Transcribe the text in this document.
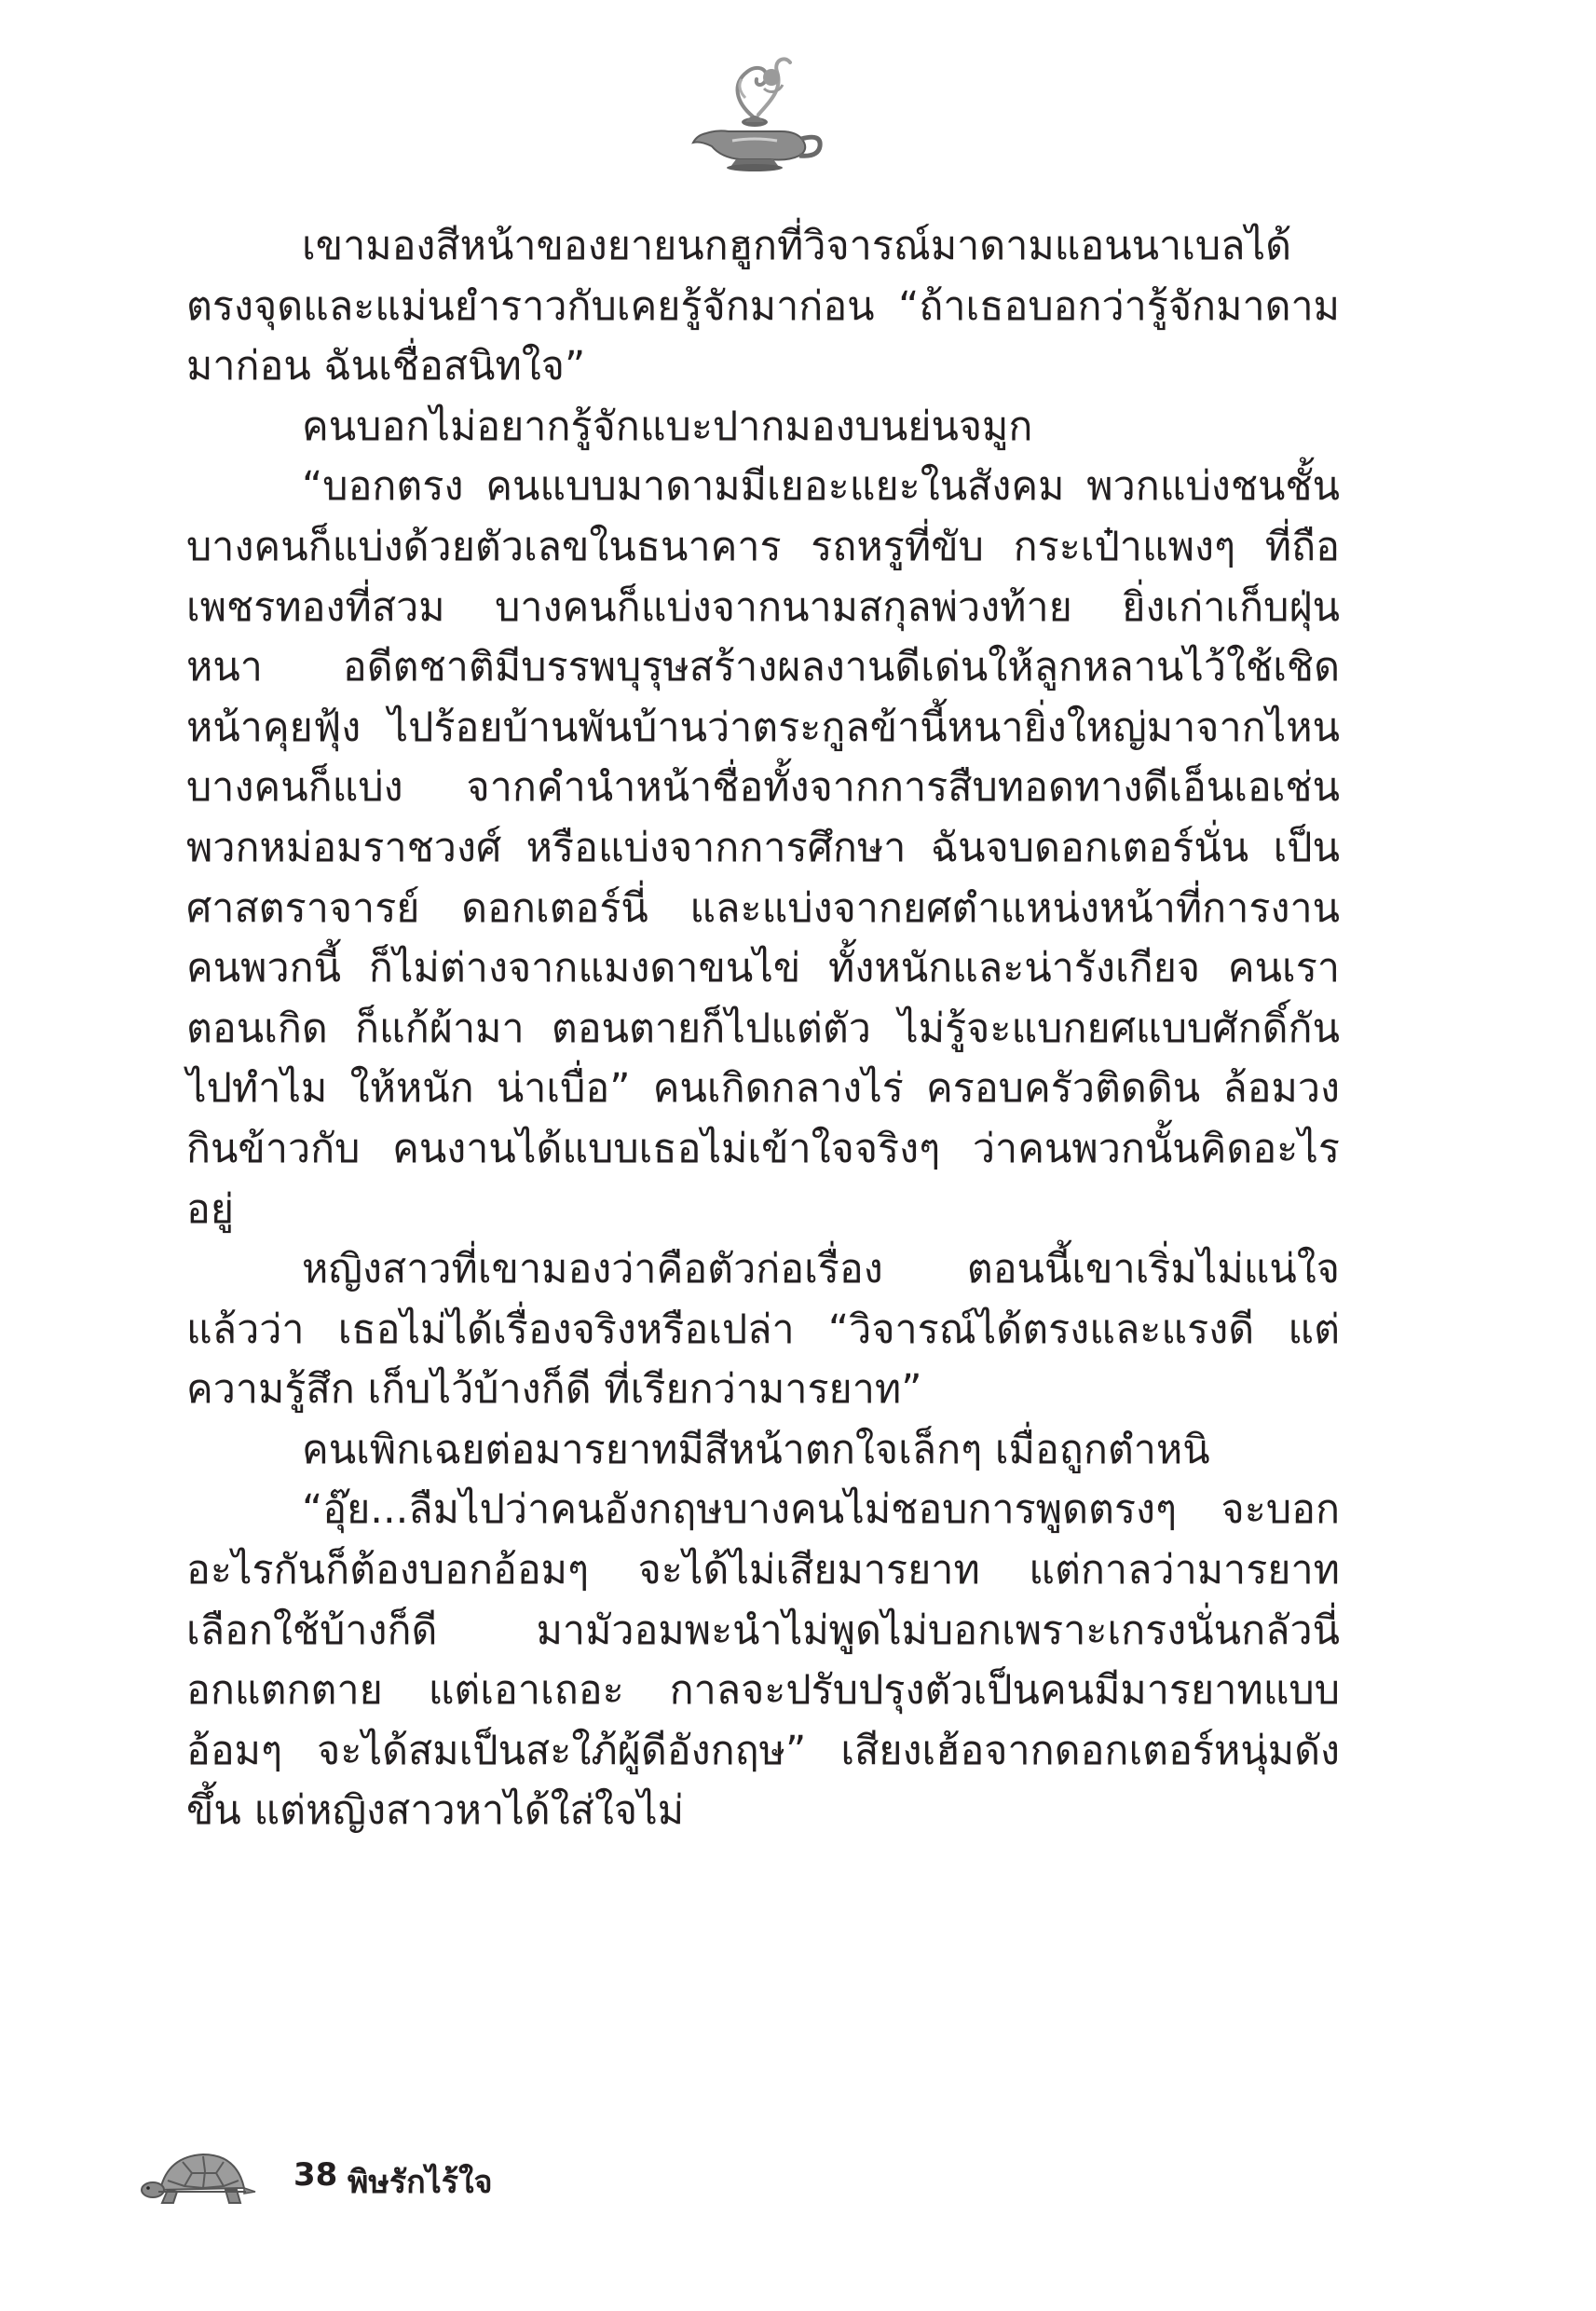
เขามองสีหน้าของยายนกฮูกที่วิจารณ์มาดามแอนนาเบลได้ตรงจุดและแม่นยำราวกับเคยรู้จักมาก่อน “ถ้าเธอบอกว่ารู้จักมาดามมาก่อน ฉันเชื่อสนิทใจ”

คนบอกไม่อยากรู้จักแบะปากมองบนย่นจมูก

“บอกตรง คนแบบมาดามมีเยอะแยะในสังคม พวกแบ่งชนชั้น บางคนก็แบ่งด้วยตัวเลขในธนาคาร รถหรูที่ขับ กระเป๋าแพงๆ ที่ถือ เพชรทองที่สวม บางคนก็แบ่งจากนามสกุลพ่วงท้าย ยิ่งเก่าเก็บฝุ่นหนา อดีตชาติมีบรรพบุรุษสร้างผลงานดีเด่นให้ลูกหลานไว้ใช้เชิดหน้าคุยฟุ้ง ไปร้อยบ้านพันบ้านว่าตระกูลข้านี้หนายิ่งใหญ่มาจากไหน บางคนก็แบ่ง จากคำนำหน้าชื่อทั้งจากการสืบทอดทางดีเอ็นเอเช่นพวกหม่อมราชวงศ์ หรือแบ่งจากการศึกษา ฉันจบดอกเตอร์นั่น เป็นศาสตราจารย์ ดอกเตอร์นี่ และแบ่งจากยศตำแหน่งหน้าที่การงาน คนพวกนี้ ก็ไม่ต่างจากแมงดาขนไข่ ทั้งหนักและน่ารังเกียจ คนเราตอนเกิด ก็แก้ผ้ามา ตอนตายก็ไปแต่ตัว ไม่รู้จะแบกยศแบบศักดิ์กันไปทำไม ให้หนัก น่าเบื่อ” คนเกิดกลางไร่ ครอบครัวติดดิน ล้อมวงกินข้าวกับ คนงานได้แบบเธอไม่เข้าใจจริงๆ ว่าคนพวกนั้นคิดอะไรอยู่

หญิงสาวที่เขามองว่าคือตัวก่อเรื่อง ตอนนี้เขาเริ่มไม่แน่ใจแล้วว่า เธอไม่ได้เรื่องจริงหรือเปล่า “วิจารณ์ได้ตรงและแรงดี แต่ความรู้สึก เก็บไว้บ้างก็ดี ที่เรียกว่ามารยาท”

คนเพิกเฉยต่อมารยาทมีสีหน้าตกใจเล็กๆ เมื่อถูกตำหนิ

“อุ๊ย...ลืมไปว่าคนอังกฤษบางคนไม่ชอบการพูดตรงๆ จะบอก อะไรกันก็ต้องบอกอ้อมๆ จะได้ไม่เสียมารยาท แต่กาลว่ามารยาท เลือกใช้บ้างก็ดี มามัวอมพะนำไม่พูดไม่บอกเพราะเกรงนั่นกลัวนี่ อกแตกตาย แต่เอาเถอะ กาลจะปรับปรุงตัวเป็นคนมีมารยาทแบบ อ้อมๆ จะได้สมเป็นสะใภ้ผู้ดีอังกฤษ” เสียงเฮ้อจากดอกเตอร์หนุ่มดังขึ้น แต่หญิงสาวหาได้ใส่ใจไม่

38 พิษรักไร้ใจ
